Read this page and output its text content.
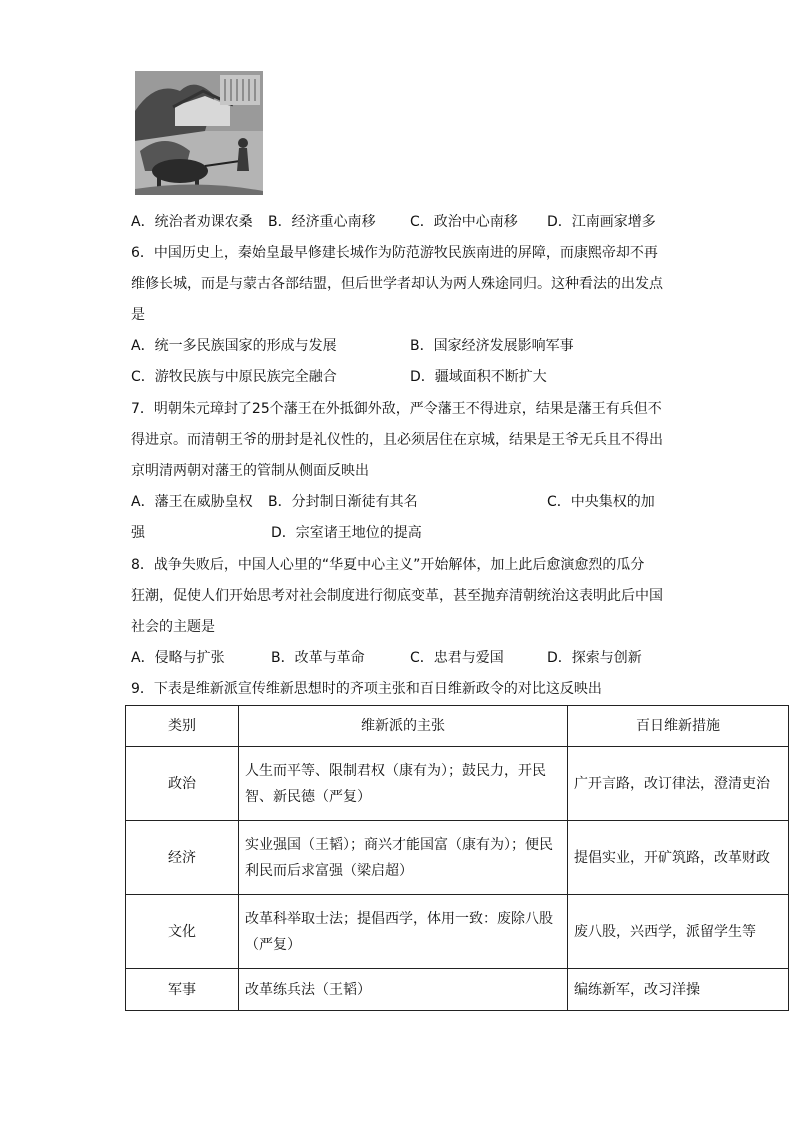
A．统治者劝课农桑 B．经济重心南移 C．政治中心南移 D．江南画家增多
6．中国历史上，秦始皇最早修建长城作为防范游牧民族南进的屏障，而康熙帝却不再
维修长城，而是与蒙古各部结盟，但后世学者却认为两人殊途同归。这种看法的出发点
是
A．统一多民族国家的形成与发展	B．国家经济发展影响军事
C．游牧民族与中原民族完全融合	D．疆域面积不断扩大
7．明朝朱元璋封了25个藩王在外抵御外敌，严令藩王不得进京，结果是藩王有兵但不
得进京。而清朝王爷的册封是礼仪性的，且必须居住在京城，结果是王爷无兵且不得出
京明清两朝对藩王的管制从侧面反映出
A．藩王在威胁皇权 B．分封制日渐徒有其名	C．中央集权的加
强	D．宗室诸王地位的提高
8．战争失败后，中国人心里的“华夏中心主义”开始解体，加上此后愈演愈烈的瓜分
狂潮，促使人们开始思考对社会制度进行彻底变革，甚至抛弃清朝统治这表明此后中国
社会的主题是
A．侵略与扩张	B．改革与革命	C．忠君与爱国	D．探索与创新
9．下表是维新派宣传维新思想时的齐项主张和百日维新政令的对比这反映出
类别	维新派的主张	百日维新措施
政治	人生而平等、限制君权（康有为）；鼓民力，开民智、新民德（严复）	广开言路，改订律法，澄清吏治
经济	实业强国（王韬）；商兴才能国富（康有为）；便民利民而后求富强（梁启超）	提倡实业，开矿筑路，改革财政
文化	改革科举取士法；提倡西学，体用一致：废除八股（严复）	废八股，兴西学，派留学生等
军事	改革练兵法（王韬）	编练新军，改习洋操
